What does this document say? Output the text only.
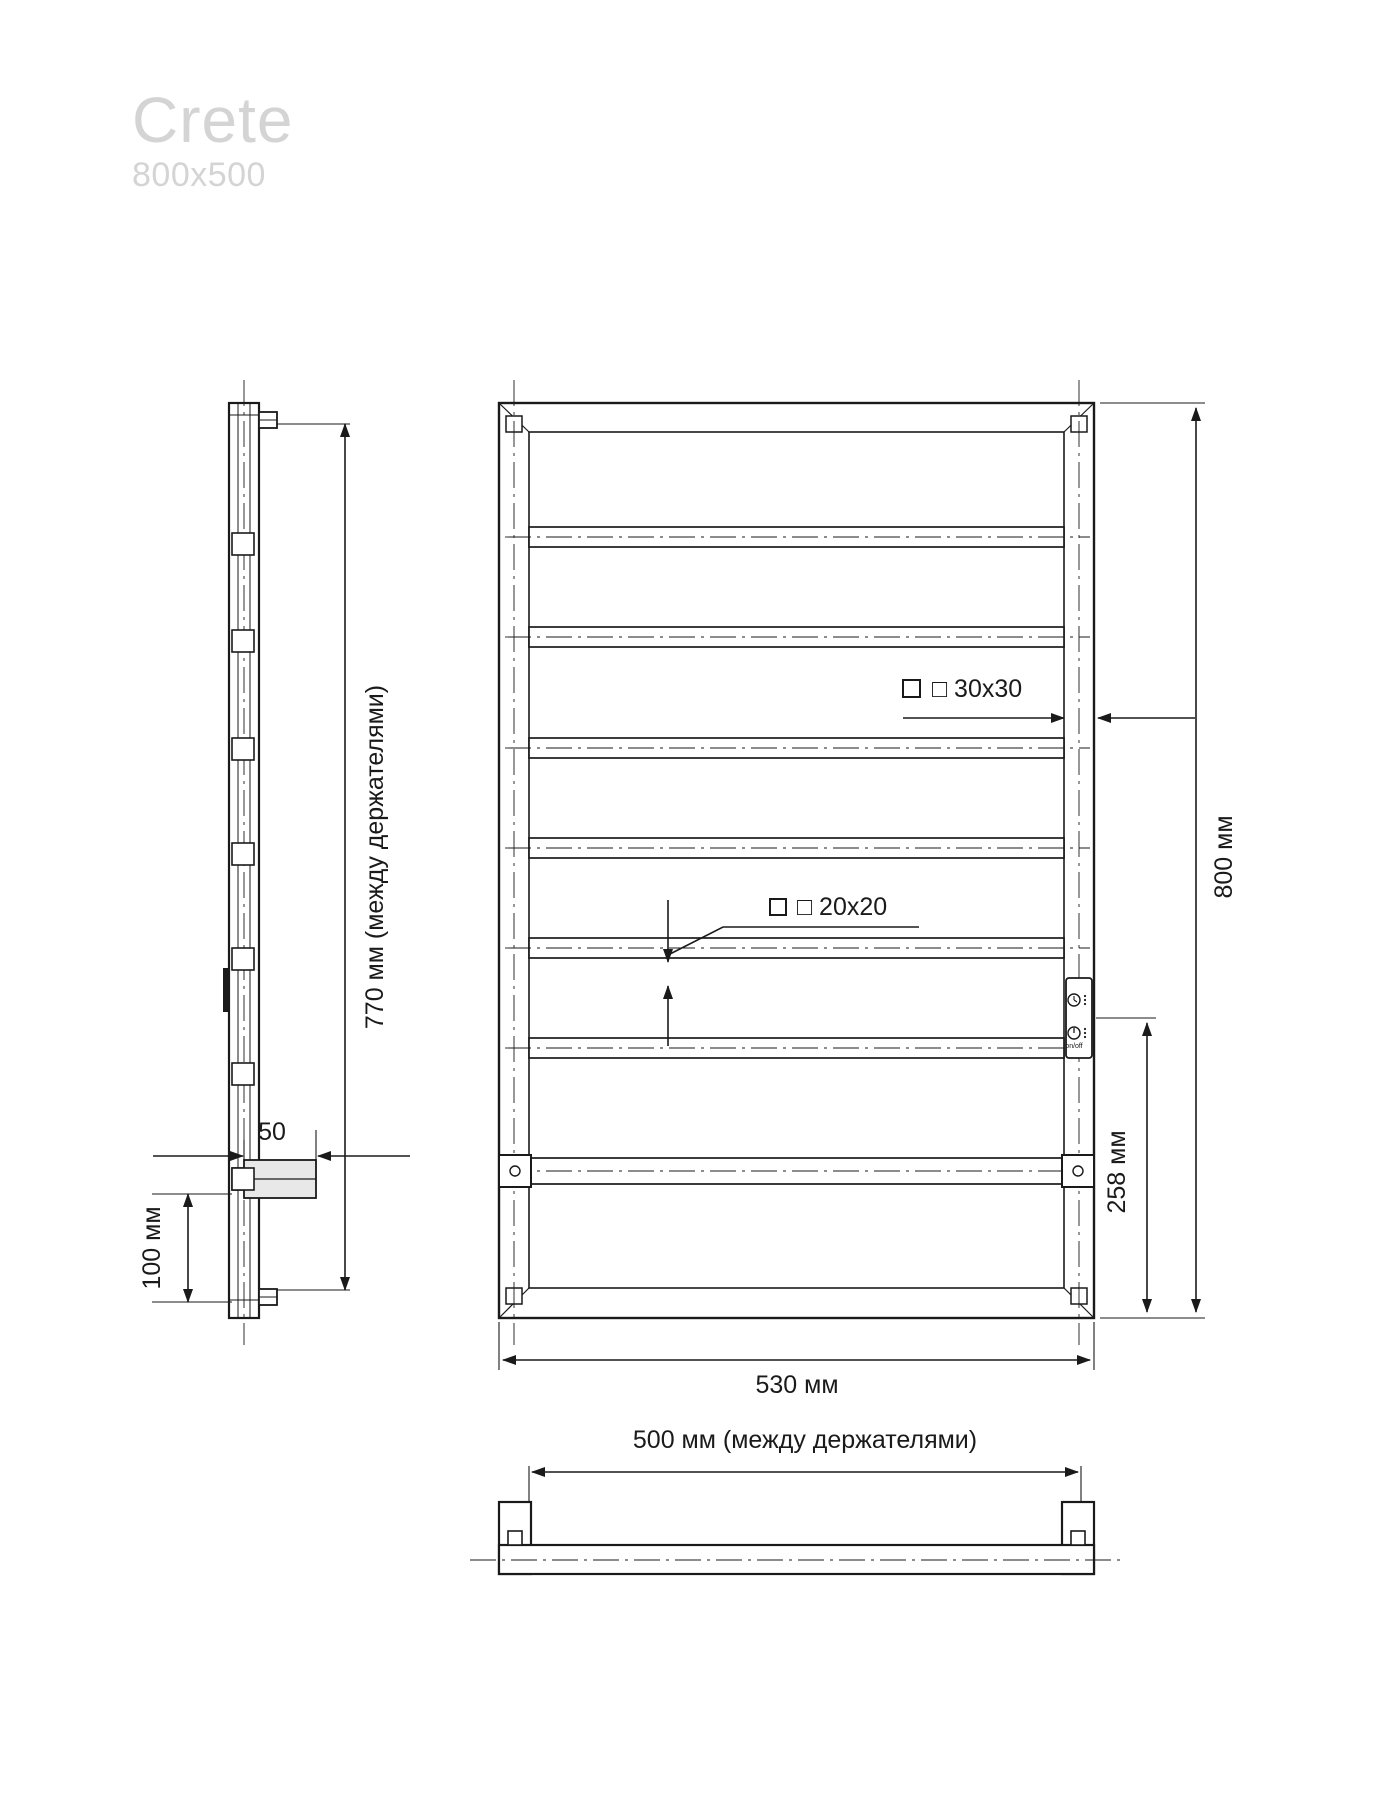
Crete
800x500
770 мм (между держателями)
50
100 мм
on/off
□ 30x30
□ 20x20
800 мм
258 мм
530 мм
500 мм (между держателями)
